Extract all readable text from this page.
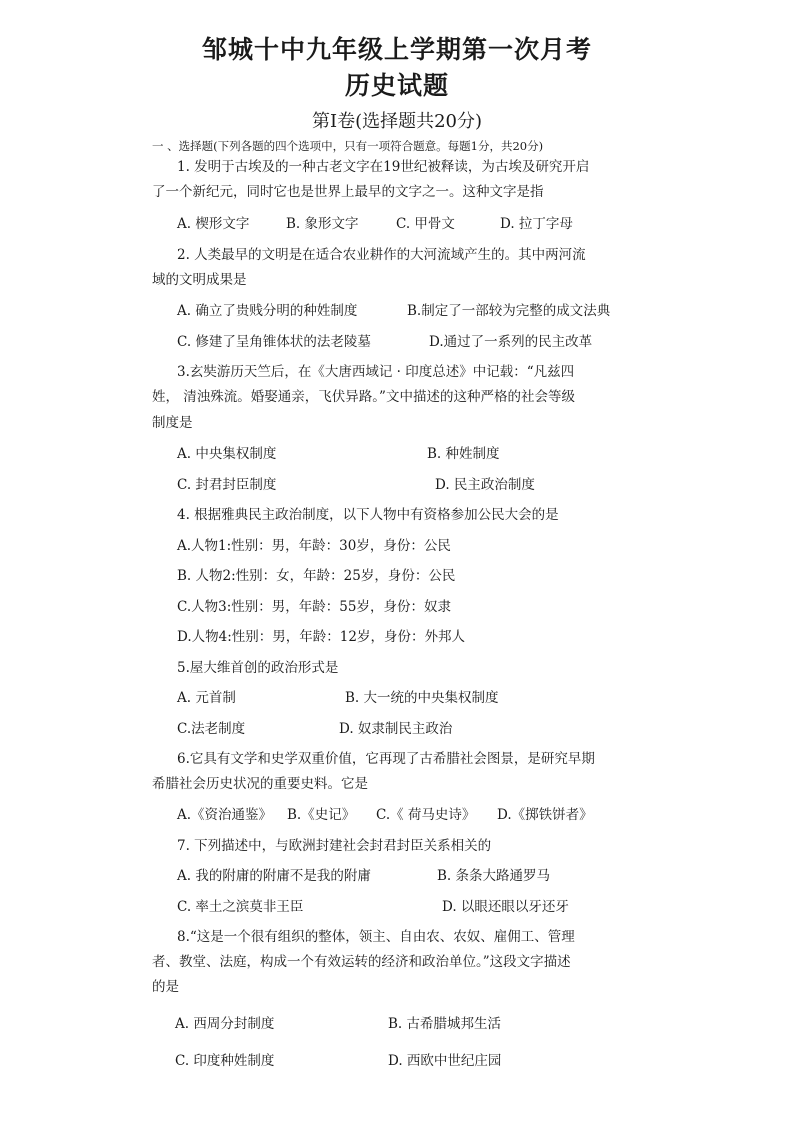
邹城十中九年级上学期第一次月考
历史试题
第I卷(选择题共20分)
一 、选择题(下列各题的四个选项中，只有一项符合题意。每题1分，共20分)
1. 发明于古埃及的一种古老文字在19世纪被释读，为古埃及研究开启
了一个新纪元，同时它也是世界上最早的文字之一。这种文字是指
A. 楔形文字	B. 象形文字	C. 甲骨文	D. 拉丁字母
2. 人类最早的文明是在适合农业耕作的大河流域产生的。其中两河流
域的文明成果是
A. 确立了贵贱分明的种姓制度	B.制定了一部较为完整的成文法典
C. 修建了呈角锥体状的法老陵墓	D.通过了一系列的民主改革
3.玄奘游历天竺后，在《大唐西域记 · 印度总述》中记载：“凡兹四
姓， 清浊殊流。婚娶通亲，飞伏异路。”文中描述的这种严格的社会等级
制度是
A. 中央集权制度	B. 种姓制度
C. 封君封臣制度	D. 民主政治制度
4. 根据雅典民主政治制度，以下人物中有资格参加公民大会的是
A.人物1:性别：男，年龄：30岁，身份：公民
B. 人物2:性别：女，年龄：25岁，身份：公民
C.人物3:性别：男，年龄：55岁，身份：奴隶
D.人物4:性别：男，年龄：12岁，身份：外邦人
5.屋大维首创的政治形式是
A. 元首制	B. 大一统的中央集权制度
C.法老制度	D. 奴隶制民主政治
6.它具有文学和史学双重价值，它再现了古希腊社会图景，是研究早期
希腊社会历史状况的重要史料。它是
A.《资治通鉴》 B.《史记》 C.《 荷马史诗》 D.《掷铁饼者》
7. 下列描述中，与欧洲封建社会封君封臣关系相关的
A. 我的附庸的附庸不是我的附庸	B. 条条大路通罗马
C. 率土之滨莫非王臣	D. 以眼还眼以牙还牙
8.“这是一个很有组织的整体，领主、自由农、农奴、雇佣工、管理
者、教堂、法庭，构成一个有效运转的经济和政治单位。”这段文字描述
的是
A. 西周分封制度	B. 古希腊城邦生活
C. 印度种姓制度	D. 西欧中世纪庄园
